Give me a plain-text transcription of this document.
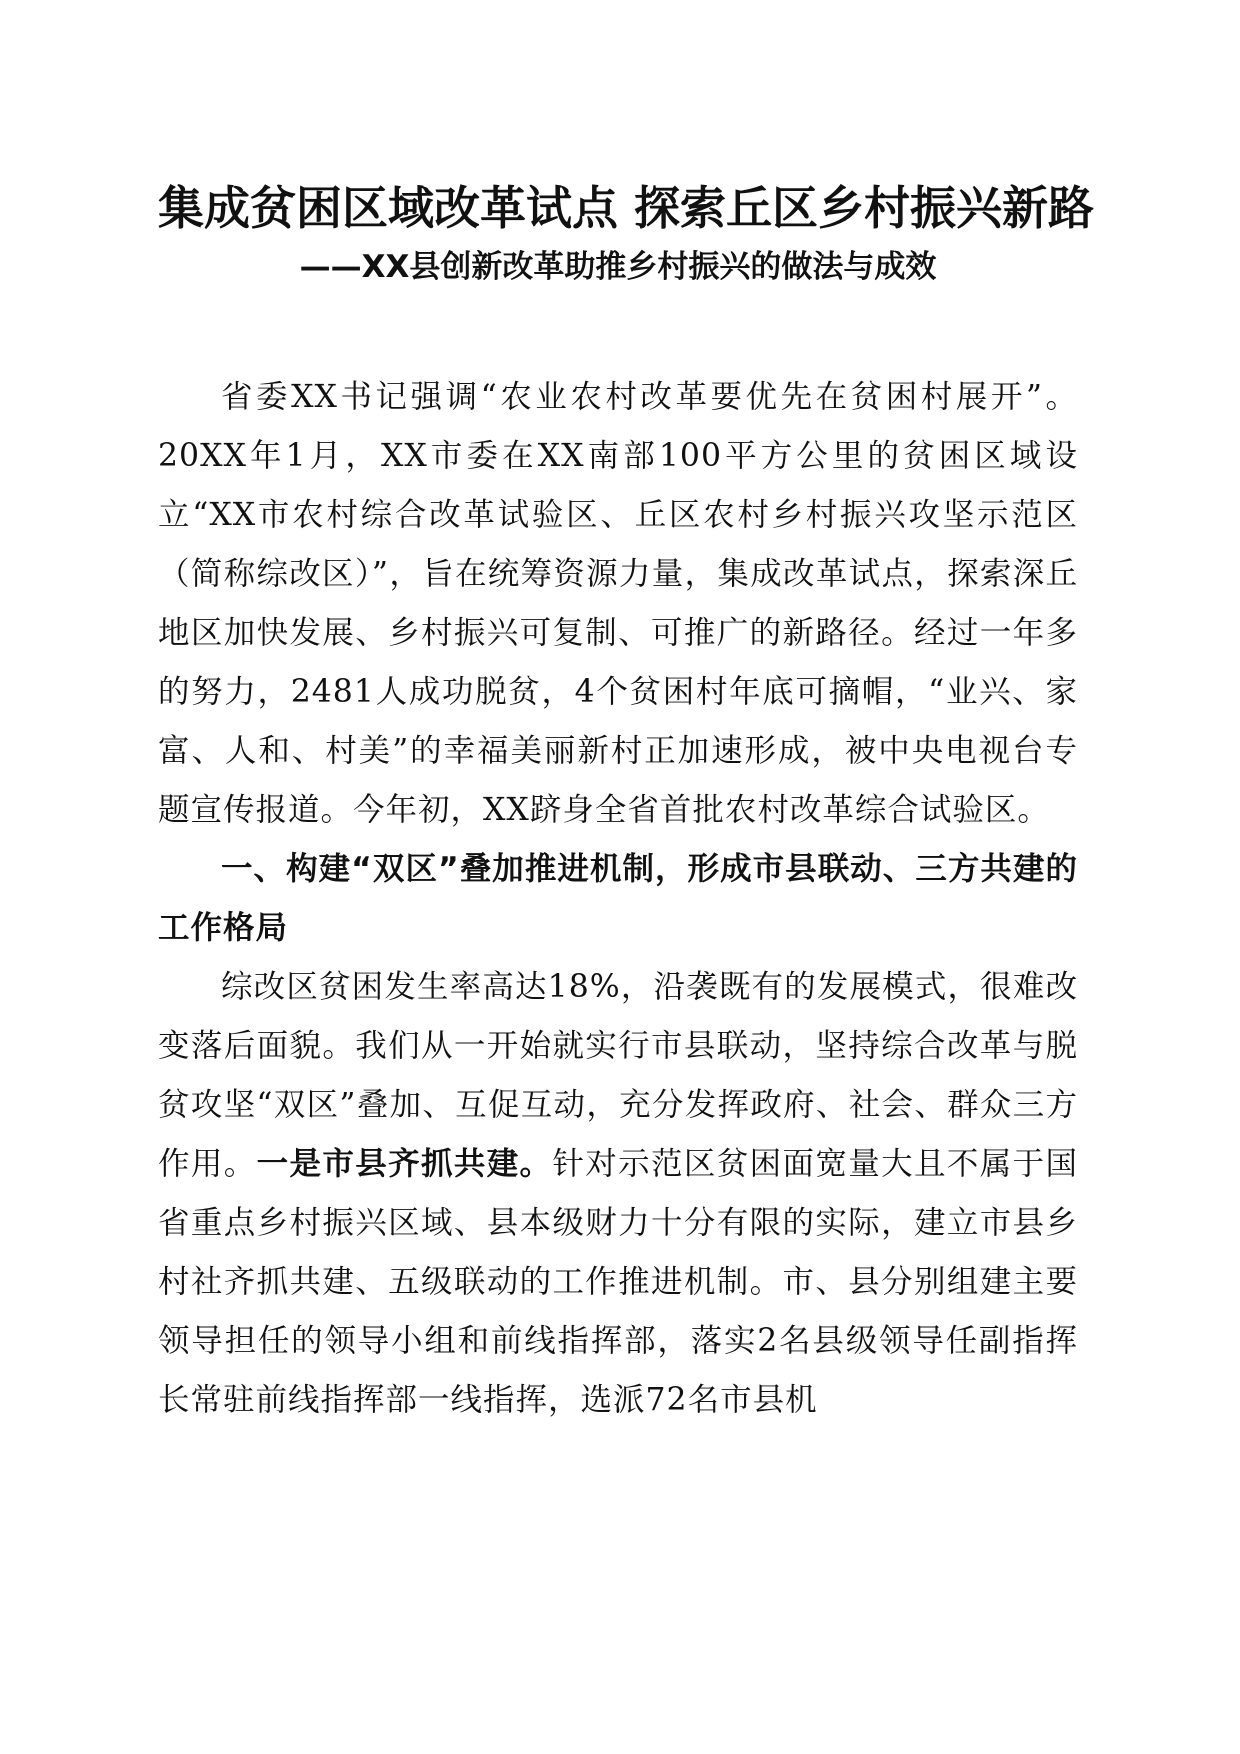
集成贫困区域改革试点 探索丘区乡村振兴新路
——XX县创新改革助推乡村振兴的做法与成效

省委XX书记强调“农业农村改革要优先在贫困村展开”。20XX年1月，XX市委在XX南部100平方公里的贫困区域设立“XX市农村综合改革试验区、丘区农村乡村振兴攻坚示范区（简称综改区）”，旨在统筹资源力量，集成改革试点，探索深丘地区加快发展、乡村振兴可复制、可推广的新路径。经过一年多的努力，2481人成功脱贫，4个贫困村年底可摘帽，“业兴、家富、人和、村美”的幸福美丽新村正加速形成，被中央电视台专题宣传报道。今年初，XX跻身全省首批农村改革综合试验区。

一、构建“双区”叠加推进机制，形成市县联动、三方共建的工作格局

综改区贫困发生率高达18%，沿袭既有的发展模式，很难改变落后面貌。我们从一开始就实行市县联动，坚持综合改革与脱贫攻坚“双区”叠加、互促互动，充分发挥政府、社会、群众三方作用。一是市县齐抓共建。针对示范区贫困面宽量大且不属于国省重点乡村振兴区域、县本级财力十分有限的实际，建立市县乡村社齐抓共建、五级联动的工作推进机制。市、县分别组建主要领导担任的领导小组和前线指挥部，落实2名县级领导任副指挥长常驻前线指挥部一线指挥，选派72名市县机
